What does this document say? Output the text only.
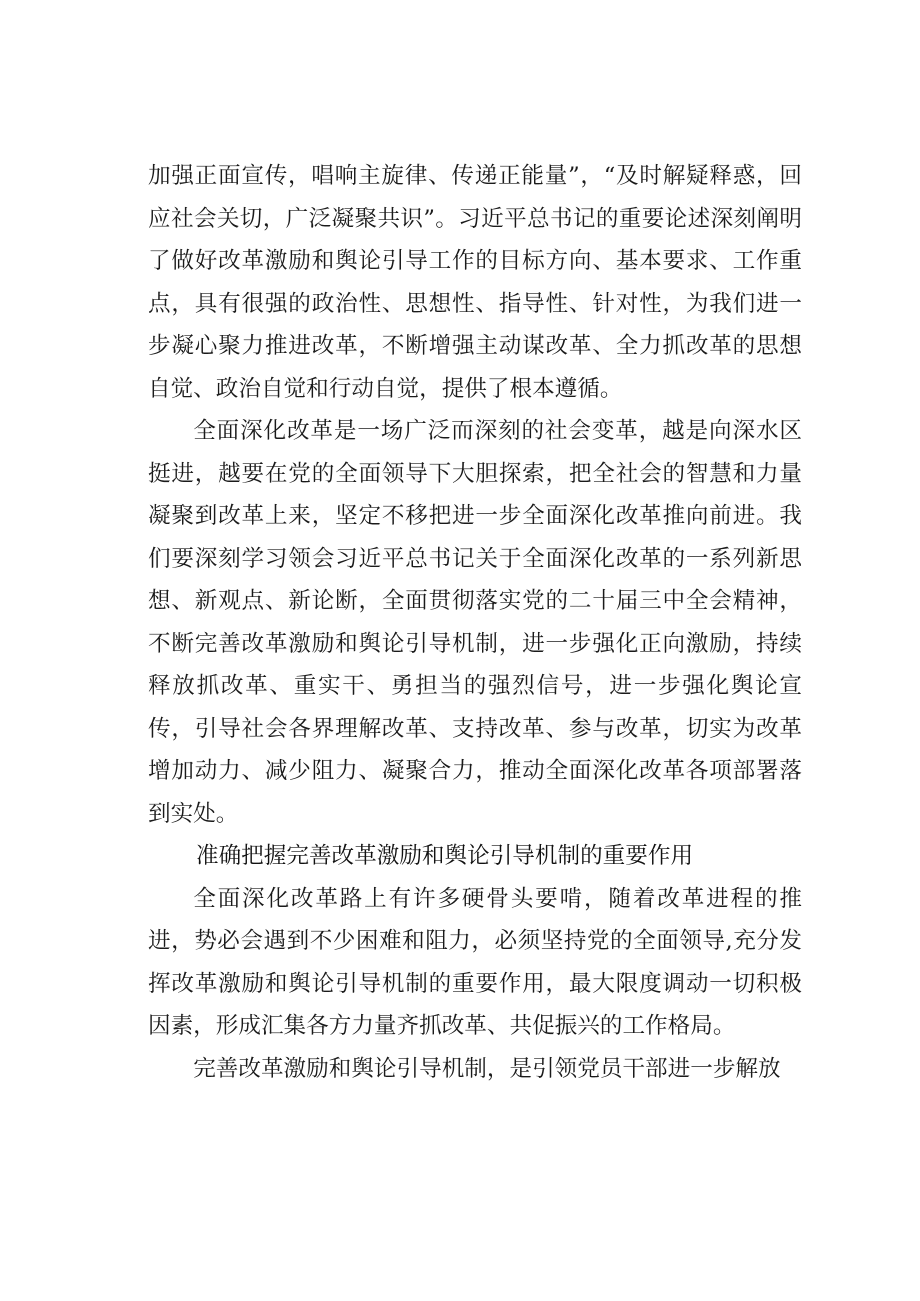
加强正面宣传，唱响主旋律、传递正能量”，“及时解疑释惑，回应社会关切，广泛凝聚共识”。习近平总书记的重要论述深刻阐明了做好改革激励和舆论引导工作的目标方向、基本要求、工作重点，具有很强的政治性、思想性、指导性、针对性，为我们进一步凝心聚力推进改革，不断增强主动谋改革、全力抓改革的思想自觉、政治自觉和行动自觉，提供了根本遵循。

全面深化改革是一场广泛而深刻的社会变革，越是向深水区挺进，越要在党的全面领导下大胆探索，把全社会的智慧和力量凝聚到改革上来，坚定不移把进一步全面深化改革推向前进。我们要深刻学习领会习近平总书记关于全面深化改革的一系列新思想、新观点、新论断，全面贯彻落实党的二十届三中全会精神，不断完善改革激励和舆论引导机制，进一步强化正向激励，持续释放抓改革、重实干、勇担当的强烈信号，进一步强化舆论宣传，引导社会各界理解改革、支持改革、参与改革，切实为改革增加动力、减少阻力、凝聚合力，推动全面深化改革各项部署落到实处。

准确把握完善改革激励和舆论引导机制的重要作用

全面深化改革路上有许多硬骨头要啃，随着改革进程的推进，势必会遇到不少困难和阻力，必须坚持党的全面领导,充分发挥改革激励和舆论引导机制的重要作用，最大限度调动一切积极因素，形成汇集各方力量齐抓改革、共促振兴的工作格局。

完善改革激励和舆论引导机制，是引领党员干部进一步解放
